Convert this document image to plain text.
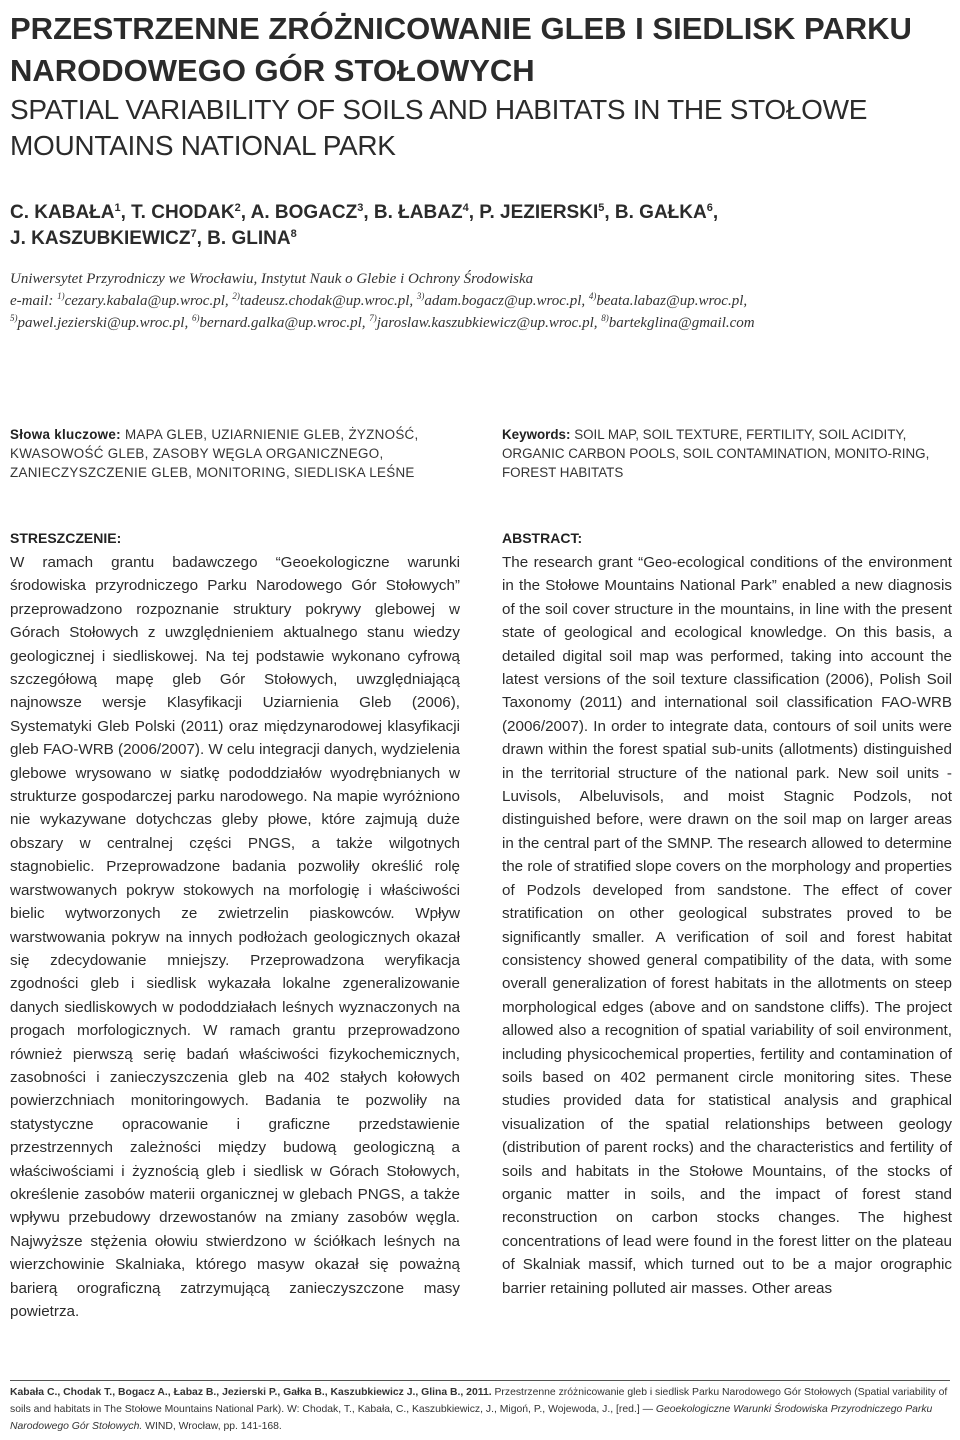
PRZESTRZENNE ZRÓŻNICOWANIE GLEB I SIEDLISK PARKU NARODOWEGO GÓR STOŁOWYCH
SPATIAL VARIABILITY OF SOILS AND HABITATS IN THE STOŁOWE MOUNTAINS NATIONAL PARK
C. KABAŁA$^1$, T. CHODAK$^2$, A. BOGACZ$^3$, B. ŁABAZ$^4$, P. JEZIERSKI$^5$, B. GAŁKA$^6$,
J. KASZUBKIEWICZ$^7$, B. GLINA$^8$
Uniwersytet Przyrodniczy we Wrocławiu, Instytut Nauk o Glebie i Ochrony Środowiska
e-mail: $^{1)}$cezary.kabala@up.wroc.pl, $^{2)}$tadeusz.chodak@up.wroc.pl, $^{3)}$adam.bogacz@up.wroc.pl, $^{4)}$beata.labaz@up.wroc.pl,
$^{5)}$pawel.jezierski@up.wroc.pl, $^{6)}$bernard.galka@up.wroc.pl, $^{7)}$jaroslaw.kaszubkiewicz@up.wroc.pl, $^{8)}$bartekglina@gmail.com
Słowa kluczowe: MAPA GLEB, UZIARNIENIE GLEB, ŻYZNOŚĆ, KWASOWOŚĆ GLEB, ZASOBY WĘGLA ORGANICZNEGO, ZANIECZYSZCZENIE GLEB, MONITORING, SIEDLISKA LEŚNE
Keywords: SOIL MAP, SOIL TEXTURE, FERTILITY, SOIL ACIDITY, ORGANIC CARBON POOLS, SOIL CONTAMINATION, MONITO-RING, FOREST HABITATS
STRESZCZENIE:	ABSTRACT:
W ramach grantu badawczego “Geoekologiczne warunki środowiska przyrodniczego Parku Narodowego Gór Stołowych” przeprowadzono rozpoznanie struktury pokrywy glebowej w Górach Stołowych z uwzględnieniem aktualnego stanu wiedzy geologicznej i siedliskowej. Na tej podstawie wykonano cyfrową szczegółową mapę gleb Gór Stołowych, uwzględniającą najnowsze wersje Klasyfikacji Uziarnienia Gleb (2006), Systematyki Gleb Polski (2011) oraz międzynarodowej klasyfikacji gleb FAO-WRB (2006/2007). W celu integracji danych, wydzielenia glebowe wrysowano w siatkę pododdziałów wyodrębnianych w strukturze gospodarczej parku narodowego. Na mapie wyróżniono nie wykazywane dotychczas gleby płowe, które zajmują duże obszary w centralnej części PNGS, a także wilgotnych stagnobielic. Przeprowadzone badania pozwoliły określić rolę warstwowanych pokryw stokowych na morfologię i właściwości bielic wytworzonych ze zwietrzelin piaskowców. Wpływ warstwowania pokryw na innych podłożach geologicznych okazał się zdecydowanie mniejszy. Przeprowadzona weryfikacja zgodności gleb i siedlisk wykazała lokalne zgeneralizowanie danych siedliskowych w pododdziałach leśnych wyznaczonych na progach morfologicznych. W ramach grantu przeprowadzono również pierwszą serię badań właściwości fizykochemicznych, zasobności i zanieczyszczenia gleb na 402 stałych kołowych powierzchniach monitoringowych. Badania te pozwoliły na statystyczne opracowanie i graficzne przedstawienie przestrzennych zależności między budową geologiczną a właściwościami i żyznością gleb i siedlisk w Górach Stołowych, określenie zasobów materii organicznej w glebach PNGS, a także wpływu przebudowy drzewostanów na zmiany zasobów węgla. Najwyższe stężenia ołowiu stwierdzono w ściółkach leśnych na wierzchowinie Skalniaka, którego masyw okazał się poważną barierą orograficzną zatrzymującą zanieczyszczone masy powietrza.
The research grant “Geo-ecological conditions of the environment in the Stołowe Mountains National Park” enabled a new diagnosis of the soil cover structure in the mountains, in line with the present state of geological and ecological knowledge. On this basis, a detailed digital soil map was performed, taking into account the latest versions of the soil texture classification (2006), Polish Soil Taxonomy (2011) and international soil classification FAO-WRB (2006/2007). In order to integrate data, contours of soil units were drawn within the forest spatial sub-units (allotments) distinguished in the territorial structure of the national park. New soil units - Luvisols, Albeluvisols, and moist Stagnic Podzols, not distinguished before, were drawn on the soil map on larger areas in the central part of the SMNP. The research allowed to determine the role of stratified slope covers on the morphology and properties of Podzols developed from sandstone. The effect of cover stratification on other geological substrates proved to be significantly smaller. A verification of soil and forest habitat consistency showed general compatibility of the data, with some overall generalization of forest habitats in the allotments on steep morphological edges (above and on sandstone cliffs). The project allowed also a recognition of spatial variability of soil environment, including physicochemical properties, fertility and contamination of soils based on 402 permanent circle monitoring sites. These studies provided data for statistical analysis and graphical visualization of the spatial relationships between geology (distribution of parent rocks) and the characteristics and fertility of soils and habitats in the Stołowe Mountains, of the stocks of organic matter in soils, and the impact of forest stand reconstruction on carbon stocks changes. The highest concentrations of lead were found in the forest litter on the plateau of Skalniak massif, which turned out to be a major orographic barrier retaining polluted air masses. Other areas
Kabała C., Chodak T., Bogacz A., Łabaz B., Jezierski P., Gałka B., Kaszubkiewicz J., Glina B., 2011. Przestrzenne zróżnicowanie gleb i siedlisk Parku Narodowego Gór Stołowych (Spatial variability of soils and habitats in The Stołowe Mountains National Park). W: Chodak, T., Kabała, C., Kaszubkiewicz, J., Migoń, P., Wojewoda, J., [red.] — Geoekologiczne Warunki Środowiska Przyrodniczego Parku Narodowego Gór Stołowych. WIND, Wrocław, pp. 141-168.
